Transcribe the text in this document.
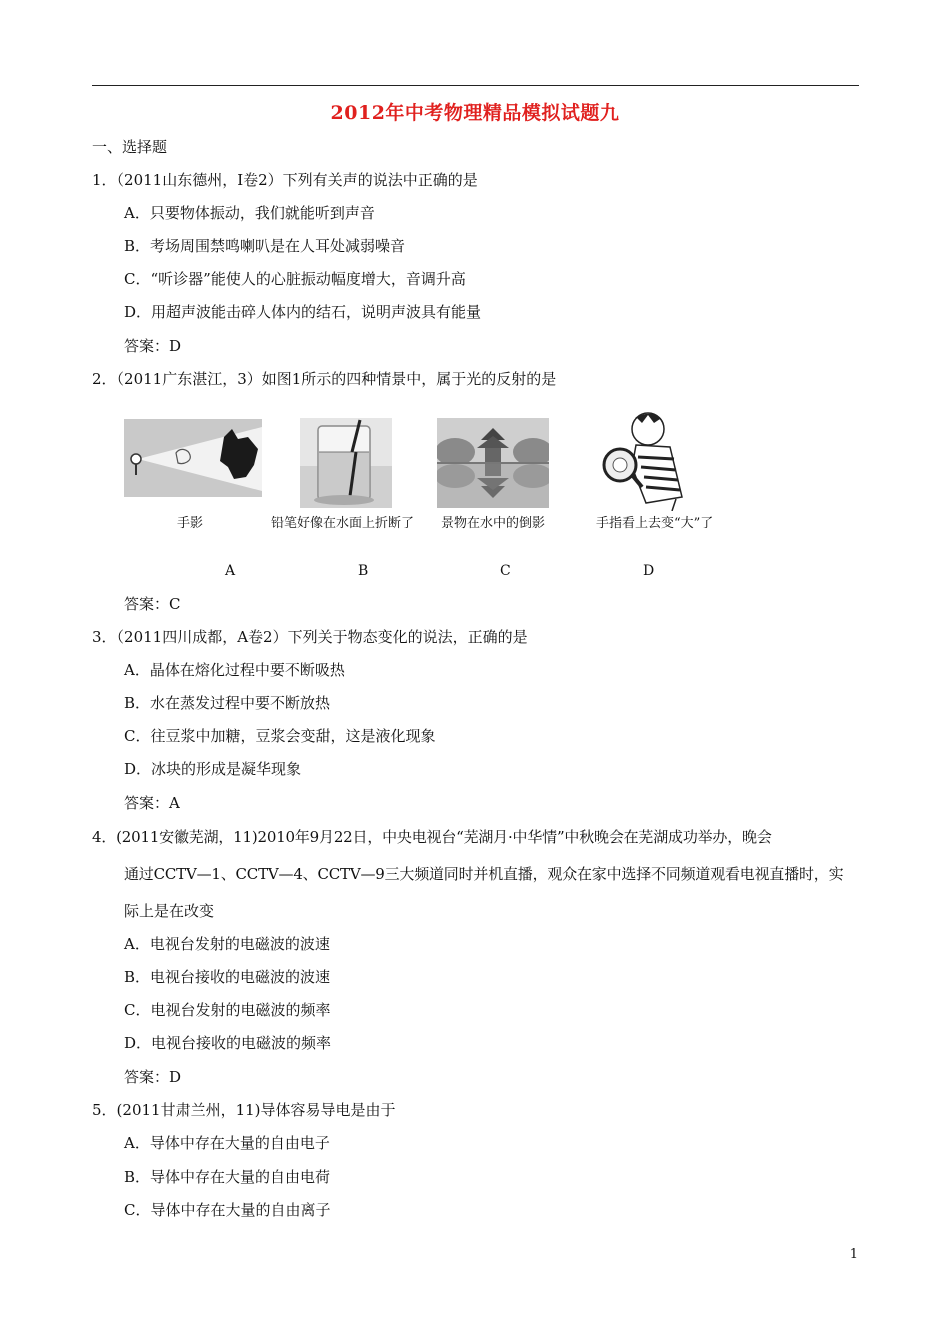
2012年中考物理精品模拟试题九
一、选择题
1．（2011山东德州，Ⅰ卷2）下列有关声的说法中正确的是
A．只要物体振动，我们就能听到声音
B．考场周围禁鸣喇叭是在人耳处减弱噪音
C．“听诊器”能使人的心脏振动幅度增大，音调升高
D．用超声波能击碎人体内的结石，说明声波具有能量
答案：D
2．（2011广东湛江，3）如图1所示的四种情景中，属于光的反射的是
手影	铅笔好像在水面上折断了 景物在水中的倒影	手指看上去变“大”了
A	B	C	D
答案：C
3．（2011四川成都，A卷2）下列关于物态变化的说法，正确的是
A．晶体在熔化过程中要不断吸热
B．水在蒸发过程中要不断放热
C．往豆浆中加糖，豆浆会变甜，这是液化现象
D．冰块的形成是凝华现象
答案：A
4．(2011安徽芜湖，11)2010年9月22日，中央电视台“芜湖月·中华情”中秋晚会在芜湖成功举办，晚会
通过CCTV—1、CCTV—4、CCTV—9三大频道同时并机直播，观众在家中选择不同频道观看电视直播时，实
际上是在改变
A．电视台发射的电磁波的波速
B．电视台接收的电磁波的波速
C．电视台发射的电磁波的频率
D．电视台接收的电磁波的频率
答案：D
5．(2011甘肃兰州，11)导体容易导电是由于
A．导体中存在大量的自由电子
B．导体中存在大量的自由电荷
C．导体中存在大量的自由离子
1
